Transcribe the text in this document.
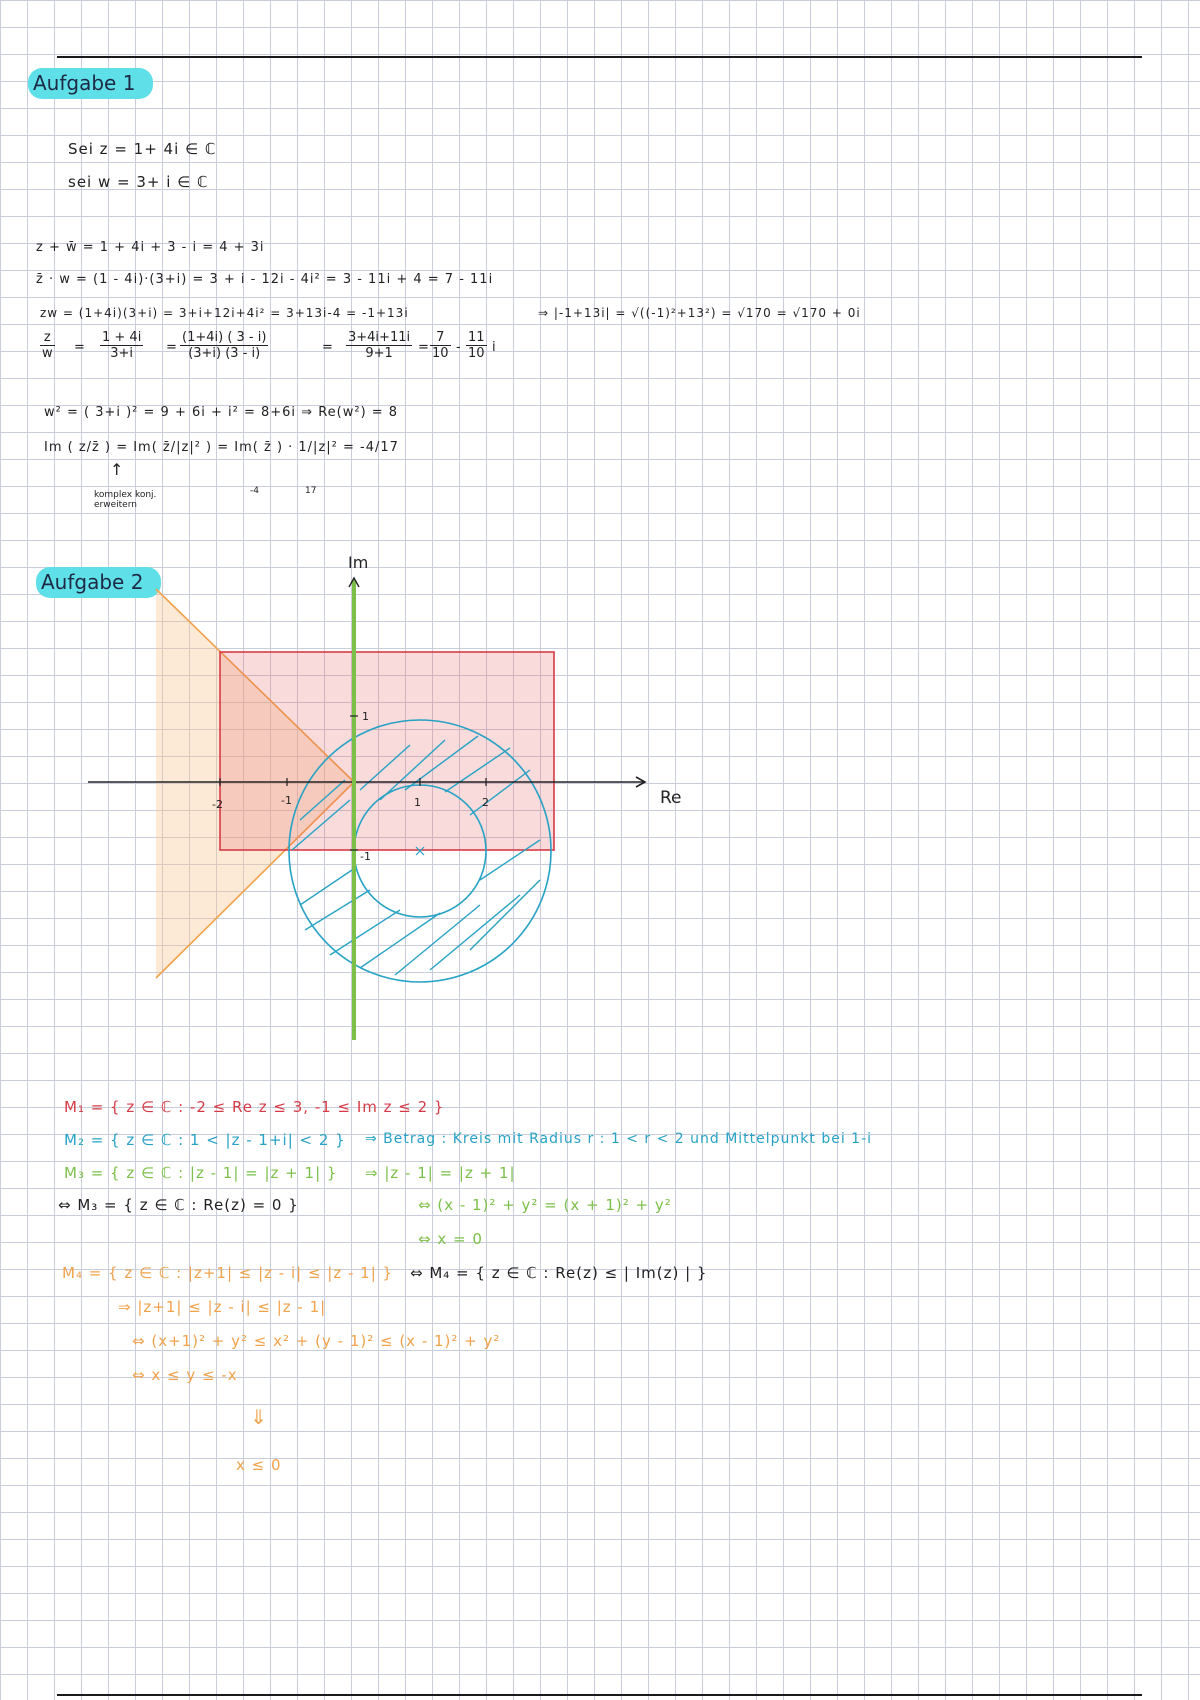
Aufgabe 1
Sei z = 1+ 4i ∈ ℂ
sei w = 3+ i ∈ ℂ
z + w̄ = 1 + 4i + 3 - i = 4 + 3i
z̄ · w = (1 - 4i)·(3+i) = 3 + i - 12i - 4i² = 3 - 11i + 4 = 7 - 11i
zw = (1+4i)(3+i) = 3+i+12i+4i² = 3+13i-4 = -1+13i	⇒ |-1+13i| = √((-1)²+13²) = √170 = √170 + 0i
$\frac{z}{w} = \frac{1 + 4i}{3+i} = \frac{(1+4i) ( 3 - i)}{(3+i) (3 - i)}$	= $\frac{3+4i+11i}{9+1} = \frac{7}{10} - \frac{11}{10}$ i
w² = ( 3+i )² = 9 + 6i + i² = 8+6i ⇒ Re(w²) = 8
Im ( z/z̄ ) = Im( z̄/|z|² ) = Im( z̄ ) · 1/|z|² = -4/17
↑
komplex konj. erweitern
-4	17
Aufgabe 2
Im
Re
-2	-1	1	2
1
-1
M₁ = { z ∈ ℂ : -2 ≤ Re z ≤ 3, -1 ≤ Im z ≤ 2 }
M₂ = { z ∈ ℂ : 1 < |z - 1+i| < 2 } ⇒ Betrag : Kreis mit Radius r : 1 < r < 2 und Mittelpunkt bei 1-i
M₃ = { z ∈ ℂ : |z - 1| = |z + 1| } ⇒ |z - 1| = |z + 1|
⇔ M₃ = { z ∈ ℂ : Re(z) = 0 }	⇔ (x - 1)² + y² = (x + 1)² + y²
⇔ x = 0
M₄ = { z ∈ ℂ : |z+1| ≤ |z - i| ≤ |z - 1| } ⇔ M₄ = { z ∈ ℂ : Re(z) ≤ | Im(z) | }
⇒ |z+1| ≤ |z - i| ≤ |z - 1|
⇔ (x+1)² + y² ≤ x² + (y - 1)² ≤ (x - 1)² + y²
⇔ x ≤ y ≤ -x
⇓
x ≤ 0
